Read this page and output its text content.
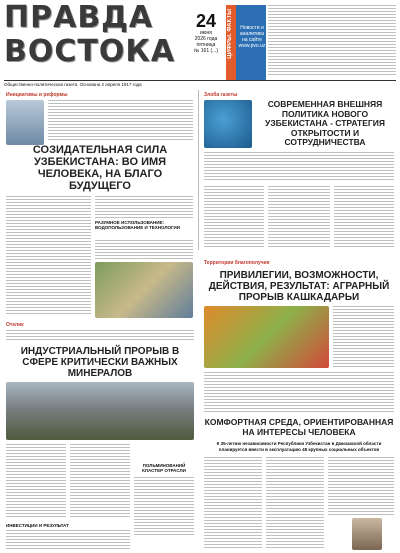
ПРАВДА
ВОСТОКА
24
июня
2026 года
пятница
№ 161 (...)	ЦИФРЫ. ФАКТЫ	Новости и аналитика на сайте www.pvo.uz
Общественно-политическая газета. Основана 2 апреля 1917 года
Инициативы и реформы
СОЗИДАТЕЛЬНАЯ СИЛА УЗБЕКИСТАНА: ВО ИМЯ ЧЕЛОВЕКА, НА БЛАГО БУДУЩЕГО
РАЗУМНОЕ ИСПОЛЬЗОВАНИЕ: ВОДОПОЛЬЗОВАНИЕ И ТЕХНОЛОГИИ
Злоба газеты
СОВРЕМЕННАЯ ВНЕШНЯЯ ПОЛИТИКА НОВОГО УЗБЕКИСТАНА - СТРАТЕГИЯ ОТКРЫТОСТИ И СОТРУДНИЧЕСТВА
Отклик
ИНДУСТРИАЛЬНЫЙ ПРОРЫВ В СФЕРЕ КРИТИЧЕСКИ ВАЖНЫХ МИНЕРАЛОВ
ПОЛЬМИНОВАНИЙ КЛАСТЕР ОТРАСЛИ
ИНВЕСТИЦИИ И РЕЗУЛЬТАТ
Территории благополучия
ПРИВИЛЕГИИ, ВОЗМОЖНОСТИ, ДЕЙСТВИЯ, РЕЗУЛЬТАТ: АГРАРНЫЙ ПРОРЫВ КАШКАДАРЬИ
КОМФОРТНАЯ СРЕДА, ОРИЕНТИРОВАННАЯ НА ИНТЕРЕСЫ ЧЕЛОВЕКА
К 35-летию независимости Республики Узбекистан в Джизакской области планируется ввести в эксплуатацию 48 крупных социальных объектов
